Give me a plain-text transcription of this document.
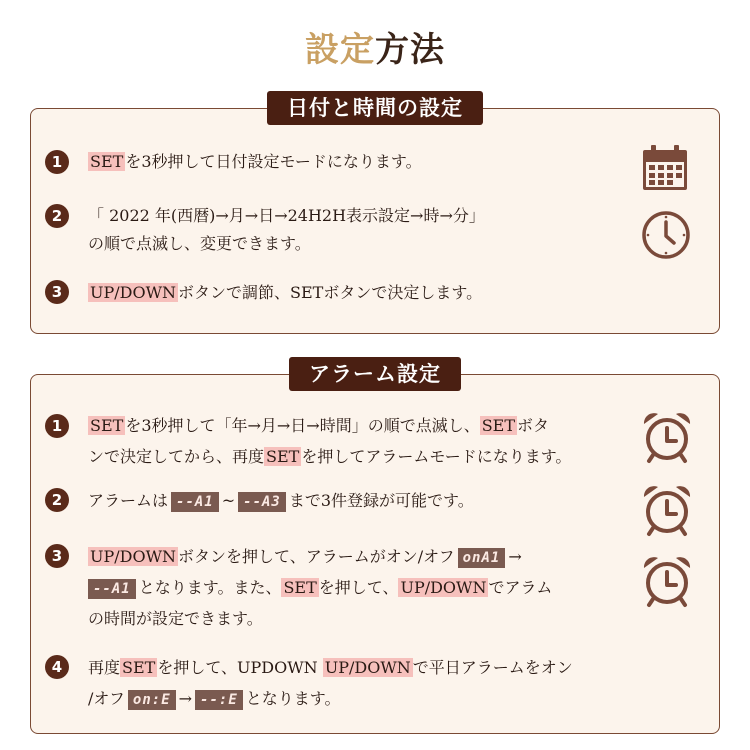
設定方法
日付と時間の設定
1	SET を3秒押して日付設定モードになります。
2	「 2022 年(西暦)→月→日→24H2H表示設定→時→分」
の順で点滅し、変更できます。
3	UP/DOWN ボタンで調節、SETボタンで決定します。
アラーム設定
1	SET を3秒押して「年→月→日→時間」の順で点滅し、 SET ボタ
ンで決定してから、再度 SET を押してアラームモードになります。
2	アラームは --A1 ~ --A3 まで3件登録が可能です。
3	UP/DOWN ボタンを押して、アラームがオン/オフ onA1 →
--A1 となります。また、 SET を押して、 UP/DOWN でアラム
の時間が設定できます。
4	再度 SET を押して、UPDOWN UP/DOWN で平日アラームをオン
/オフ on:E → --:E となります。
